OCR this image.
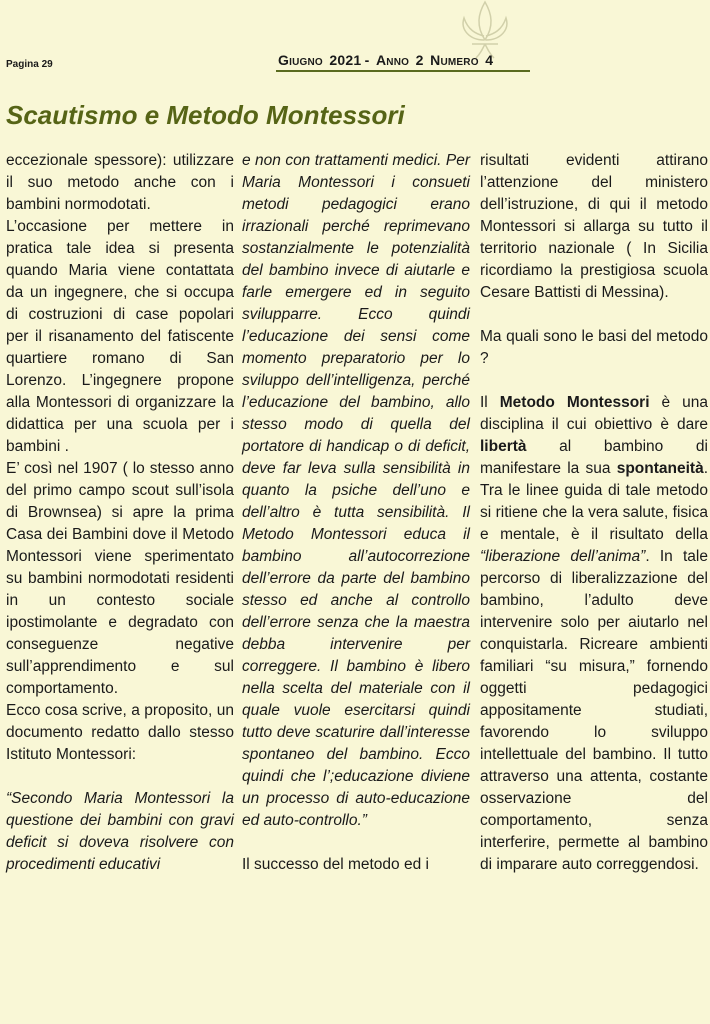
Pagina 29	Giugno 2021 - Anno 2 Numero 4
Scautismo e Metodo Montessori

eccezionale spessore): utilizzare il suo metodo anche con i bambini normodotati.

L’occasione per mettere in pratica tale idea si presenta quando Maria viene contattata da un ingegnere, che si occupa di costruzioni di case popolari per il risanamento del fatiscente quartiere romano di San Lorenzo. L’ingegnere propone alla Montessori di organizzare la didattica per una scuola per i bambini .

E’ così nel 1907 ( lo stesso anno del primo campo scout sull’isola di Brownsea) si apre la prima Casa dei Bambini dove il Metodo Montessori viene sperimentato su bambini normodotati residenti in un contesto sociale ipostimolante e degradato con conseguenze negative sull’apprendimento e sul comportamento.

Ecco cosa scrive, a proposito, un documento redatto dallo stesso Istituto Montessori:

“Secondo Maria Montessori la questione dei bambini con gravi deficit si doveva risolvere con procedimenti educativi

e non con trattamenti medici. Per Maria Montessori i consueti metodi pedagogici erano irrazionali perché reprimevano sostanzialmente le potenzialità del bambino invece di aiutarle e farle emergere ed in seguito svilupparre. Ecco quindi l’educazione dei sensi come momento preparatorio per lo sviluppo dell’intelligenza, perché l’educazione del bambino, allo stesso modo di quella del portatore di handicap o di deficit, deve far leva sulla sensibilità in quanto la psiche dell’uno e dell’altro è tutta sensibilità. Il Metodo Montessori educa il bambino all’autocorrezione dell’errore da parte del bambino stesso ed anche al controllo dell’errore senza che la maestra debba intervenire per correggere. Il bambino è libero nella scelta del materiale con il quale vuole esercitarsi quindi tutto deve scaturire dall’interesse spontaneo del bambino. Ecco quindi che l’;educazione diviene un processo di auto-educazione ed auto-controllo.”

Il successo del metodo ed i

risultati evidenti attirano l’attenzione del ministero dell’istruzione, di qui il metodo Montessori si allarga su tutto il territorio nazionale ( In Sicilia ricordiamo la prestigiosa scuola Cesare Battisti di Messina).

Ma quali sono le basi del metodo ?

Il Metodo Montessori è una disciplina il cui obiettivo è dare libertà al bambino di manifestare la sua spontaneità. Tra le linee guida di tale metodo si ritiene che la vera salute, fisica e mentale, è il risultato della “liberazione dell’anima”. In tale percorso di liberalizzazione del bambino, l’adulto deve intervenire solo per aiutarlo nel conquistarla. Ricreare ambienti familiari “su misura,” fornendo oggetti pedagogici appositamente studiati, favorendo lo sviluppo intellettuale del bambino. Il tutto attraverso una attenta, costante osservazione del comportamento, senza interferire, permette al bambino di imparare auto correggendosi.
